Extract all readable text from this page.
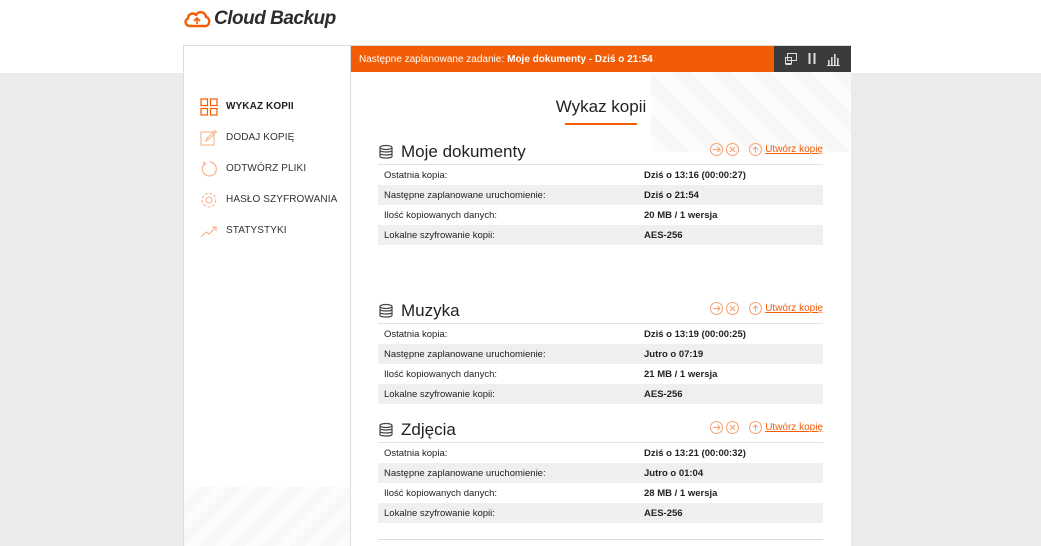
Cloud Backup
WYKAZ KOPII
DODAJ KOPIĘ
ODTWÓRZ PLIKI
HASŁO SZYFROWANIA
STATYSTYKI
Następne zaplanowane zadanie: Moje dokumenty - Dziś o 21:54
Wykaz kopii
Moje dokumenty	Utwórz kopię
Ostatnia kopia:	Dziś o 13:16 (00:00:27)
Następne zaplanowane uruchomienie:	Dziś o 21:54
Ilość kopiowanych danych:	20 MB / 1 wersja
Lokalne szyfrowanie kopii:	AES-256
Muzyka	Utwórz kopię
Ostatnia kopia:	Dziś o 13:19 (00:00:25)
Następne zaplanowane uruchomienie:	Jutro o 07:19
Ilość kopiowanych danych:	21 MB / 1 wersja
Lokalne szyfrowanie kopii:	AES-256
Zdjęcia	Utwórz kopię
Ostatnia kopia:	Dziś o 13:21 (00:00:32)
Następne zaplanowane uruchomienie:	Jutro o 01:04
Ilość kopiowanych danych:	28 MB / 1 wersja
Lokalne szyfrowanie kopii:	AES-256
